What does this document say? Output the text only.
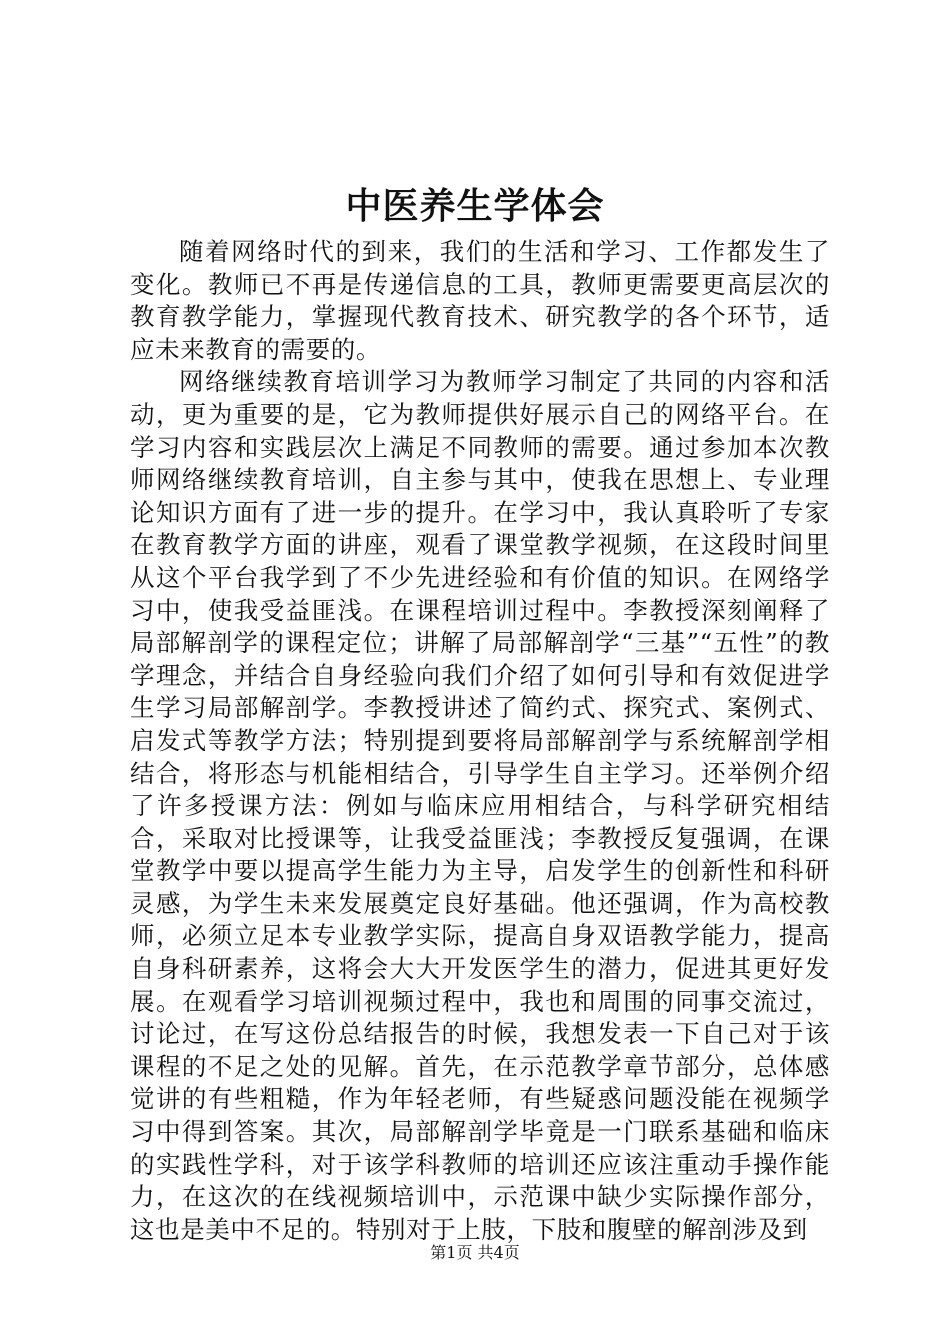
中医养生学体会

随着网络时代的到来，我们的生活和学习、工作都发生了变化。教师已不再是传递信息的工具，教师更需要更高层次的教育教学能力，掌握现代教育技术、研究教学的各个环节，适应未来教育的需要的。

网络继续教育培训学习为教师学习制定了共同的内容和活动，更为重要的是，它为教师提供好展示自己的网络平台。在学习内容和实践层次上满足不同教师的需要。通过参加本次教师网络继续教育培训，自主参与其中，使我在思想上、专业理论知识方面有了进一步的提升。在学习中，我认真聆听了专家在教育教学方面的讲座，观看了课堂教学视频，在这段时间里从这个平台我学到了不少先进经验和有价值的知识。在网络学习中，使我受益匪浅。在课程培训过程中。李教授深刻阐释了局部解剖学的课程定位；讲解了局部解剖学“三基”“五性”的教学理念，并结合自身经验向我们介绍了如何引导和有效促进学生学习局部解剖学。李教授讲述了简约式、探究式、案例式、启发式等教学方法；特别提到要将局部解剖学与系统解剖学相结合，将形态与机能相结合，引导学生自主学习。还举例介绍了许多授课方法：例如与临床应用相结合，与科学研究相结合，采取对比授课等，让我受益匪浅；李教授反复强调，在课堂教学中要以提高学生能力为主导，启发学生的创新性和科研灵感，为学生未来发展奠定良好基础。他还强调，作为高校教师，必须立足本专业教学实际，提高自身双语教学能力，提高自身科研素养，这将会大大开发医学生的潜力，促进其更好发展。在观看学习培训视频过程中，我也和周围的同事交流过，讨论过，在写这份总结报告的时候，我想发表一下自己对于该课程的不足之处的见解。首先，在示范教学章节部分，总体感觉讲的有些粗糙，作为年轻老师，有些疑惑问题没能在视频学习中得到答案。其次，局部解剖学毕竟是一门联系基础和临床的实践性学科，对于该学科教师的培训还应该注重动手操作能力，在这次的在线视频培训中，示范课中缺少实际操作部分，这也是美中不足的。特别对于上肢，下肢和腹壁的解剖涉及到

第1页 共4页
